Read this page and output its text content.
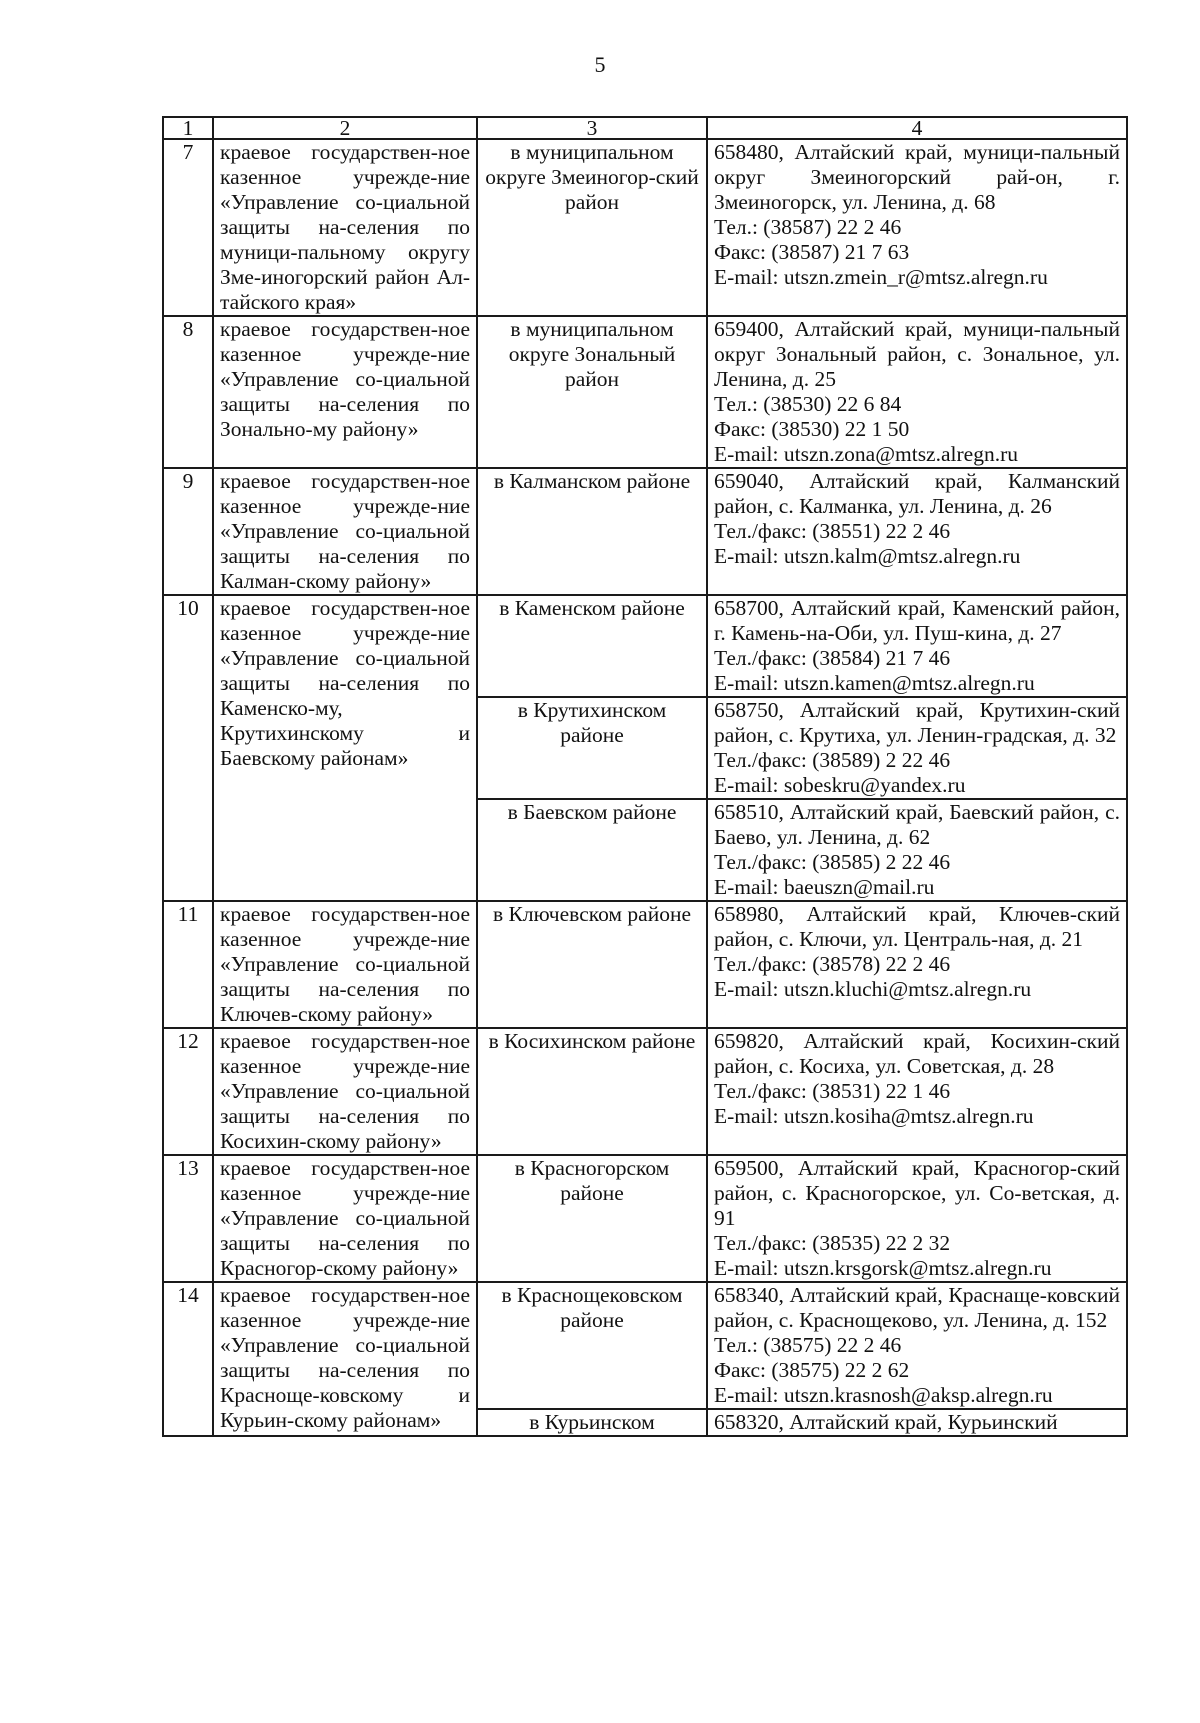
5
1	2	3	4
7	краевое государствен-ное казенное учрежде-ние «Управление со-циальной защиты на-селения по муници-пальному округу Зме-иногорский район Ал-тайского края»	в муниципальном округе Змеиногор-ский район	658480, Алтайский край, муници-пальный округ Змеиногорский рай-он, г. Змеиногорск, ул. Ленина, д. 68
Тел.: (38587) 22 2 46
Факс: (38587) 21 7 63
E-mail: utszn.zmein_r@mtsz.alregn.ru

8	краевое государствен-ное казенное учрежде-ние «Управление со-циальной защиты на-селения по Зонально-му району»	в муниципальном округе Зональный район	659400, Алтайский край, муници-пальный округ Зональный район, с. Зональное, ул. Ленина, д. 25
Тел.: (38530) 22 6 84
Факс: (38530) 22 1 50
E-mail: utszn.zona@mtsz.alregn.ru

9	краевое государствен-ное казенное учрежде-ние «Управление со-циальной защиты на-селения по Калман-скому району»	в Калманском районе	659040, Алтайский край, Калманский район, с. Калманка, ул. Ленина, д. 26
Тел./факс: (38551) 22 2 46
E-mail: utszn.kalm@mtsz.alregn.ru

10	краевое государствен-ное казенное учрежде-ние «Управление со-циальной защиты на-селения по Каменско-му, Крутихинскому и Баевскому районам»	в Каменском районе	658700, Алтайский край, Каменский район, г. Камень-на-Оби, ул. Пуш-кина, д. 27
Тел./факс: (38584) 21 7 46
E-mail: utszn.kamen@mtsz.alregn.ru

		в Крутихинском районе	658750, Алтайский край, Крутихин-ский район, с. Крутиха, ул. Ленин-градская, д. 32
Тел./факс: (38589) 2 22 46
E-mail: sobeskru@yandex.ru

		в Баевском районе	658510, Алтайский край, Баевский район, с. Баево, ул. Ленина, д. 62
Тел./факс: (38585) 2 22 46
E-mail: baeuszn@mail.ru

11	краевое государствен-ное казенное учрежде-ние «Управление со-циальной защиты на-селения по Ключев-скому району»	в Ключевском районе	658980, Алтайский край, Ключев-ский район, с. Ключи, ул. Централь-ная, д. 21
Тел./факс: (38578) 22 2 46
E-mail: utszn.kluchi@mtsz.alregn.ru

12	краевое государствен-ное казенное учрежде-ние «Управление со-циальной защиты на-селения по Косихин-скому району»	в Косихинском районе	659820, Алтайский край, Косихин-ский район, с. Косиха, ул. Советская, д. 28
Тел./факс: (38531) 22 1 46
E-mail: utszn.kosiha@mtsz.alregn.ru

13	краевое государствен-ное казенное учрежде-ние «Управление со-циальной защиты на-селения по Красногор-скому району»	в Красногорском районе	659500, Алтайский край, Красногор-ский район, с. Красногорское, ул. Со-ветская, д. 91
Тел./факс: (38535) 22 2 32
E-mail: utszn.krsgorsk@mtsz.alregn.ru

14	краевое государствен-ное казенное учрежде-ние «Управление со-циальной защиты на-селения по Красноще-ковскому и Курьин-скому районам»	в Краснощековском районе	658340, Алтайский край, Краснаще-ковский район, с. Краснощеково, ул. Ленина, д. 152
Тел.: (38575) 22 2 46
Факс: (38575) 22 2 62
E-mail: utszn.krasnosh@aksp.alregn.ru

		в Курьинском	658320, Алтайский край, Курьинский
